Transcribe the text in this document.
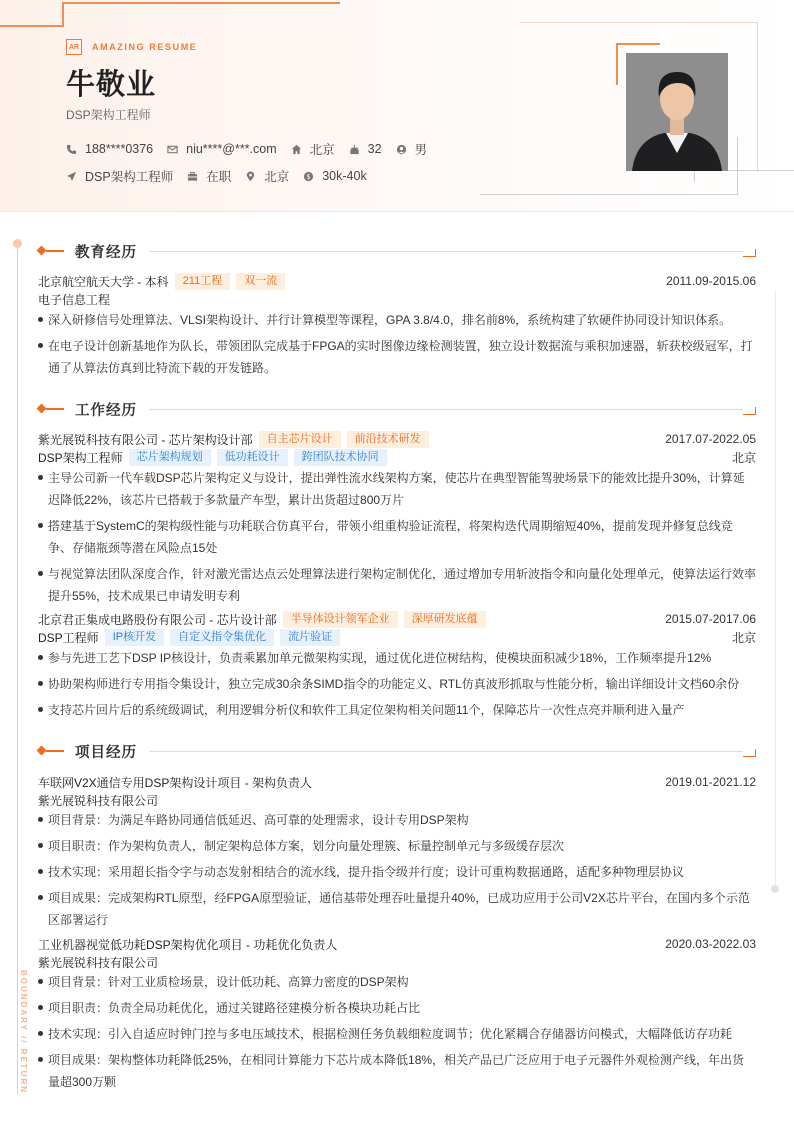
AR	AMAZING RESUME
牛敬业
DSP架构工程师
188****0376	niu****@***.com	北京	32	男
DSP架构工程师	在职	北京 $ 30k-40k
BOUNDARY // RETURN
教育经历
北京航空航天大学 - 本科	211工程	双一流	2011.09-2015.06
电子信息工程
深入研修信号处理算法、VLSI架构设计、并行计算模型等课程，GPA 3.8/4.0，排名前8%，系统构建了软硬件协同设计知识体系。
在电子设计创新基地作为队长，带领团队完成基于FPGA的实时图像边缘检测装置，独立设计数据流与乘积加速器，斩获校级冠军，打通了从算法仿真到比特流下载的开发链路。
工作经历
紫光展锐科技有限公司 - 芯片架构设计部	自主芯片设计	前沿技术研发	2017.07-2022.05
DSP架构工程师	芯片架构规划	低功耗设计	跨团队技术协同	北京
主导公司新一代车载DSP芯片架构定义与设计，提出弹性流水线架构方案，使芯片在典型智能驾驶场景下的能效比提升30%，计算延迟降低22%，该芯片已搭载于多款量产车型，累计出货超过800万片
搭建基于SystemC的架构级性能与功耗联合仿真平台，带领小组重构验证流程，将架构迭代周期缩短40%，提前发现并修复总线竞争、存储瓶颈等潜在风险点15处
与视觉算法团队深度合作，针对激光雷达点云处理算法进行架构定制优化，通过增加专用斩波指令和向量化处理单元，使算法运行效率提升55%，技术成果已申请发明专利
北京君正集成电路股份有限公司 - 芯片设计部	半导体设计领军企业	深厚研发底蕴	2015.07-2017.06
DSP工程师	IP核开发	自定义指令集优化	流片验证	北京
参与先进工艺下DSP IP核设计，负责乘累加单元微架构实现，通过优化进位树结构，使模块面积减少18%，工作频率提升12%
协助架构师进行专用指令集设计，独立完成30余条SIMD指令的功能定义、RTL仿真波形抓取与性能分析，输出详细设计文档60余份
支持芯片回片后的系统级调试，利用逻辑分析仪和软件工具定位架构相关问题11个，保障芯片一次性点亮并顺利进入量产
项目经历
车联网V2X通信专用DSP架构设计项目 - 架构负责人	2019.01-2021.12
紫光展锐科技有限公司
项目背景：为满足车路协同通信低延迟、高可靠的处理需求，设计专用DSP架构
项目职责：作为架构负责人，制定架构总体方案，划分向量处理簇、标量控制单元与多级缓存层次
技术实现：采用超长指令字与动态发射相结合的流水线，提升指令级并行度；设计可重构数据通路，适配多种物理层协议
项目成果：完成架构RTL原型，经FPGA原型验证，通信基带处理吞吐量提升40%，已成功应用于公司V2X芯片平台，在国内多个示范区部署运行
工业机器视觉低功耗DSP架构优化项目 - 功耗优化负责人	2020.03-2022.03
紫光展锐科技有限公司
项目背景：针对工业质检场景，设计低功耗、高算力密度的DSP架构
项目职责：负责全局功耗优化，通过关键路径建模分析各模块功耗占比
技术实现：引入自适应时钟门控与多电压域技术，根据检测任务负载细粒度调节；优化紧耦合存储器访问模式，大幅降低访存功耗
项目成果：架构整体功耗降低25%，在相同计算能力下芯片成本降低18%，相关产品已广泛应用于电子元器件外观检测产线，年出货量超300万颗
